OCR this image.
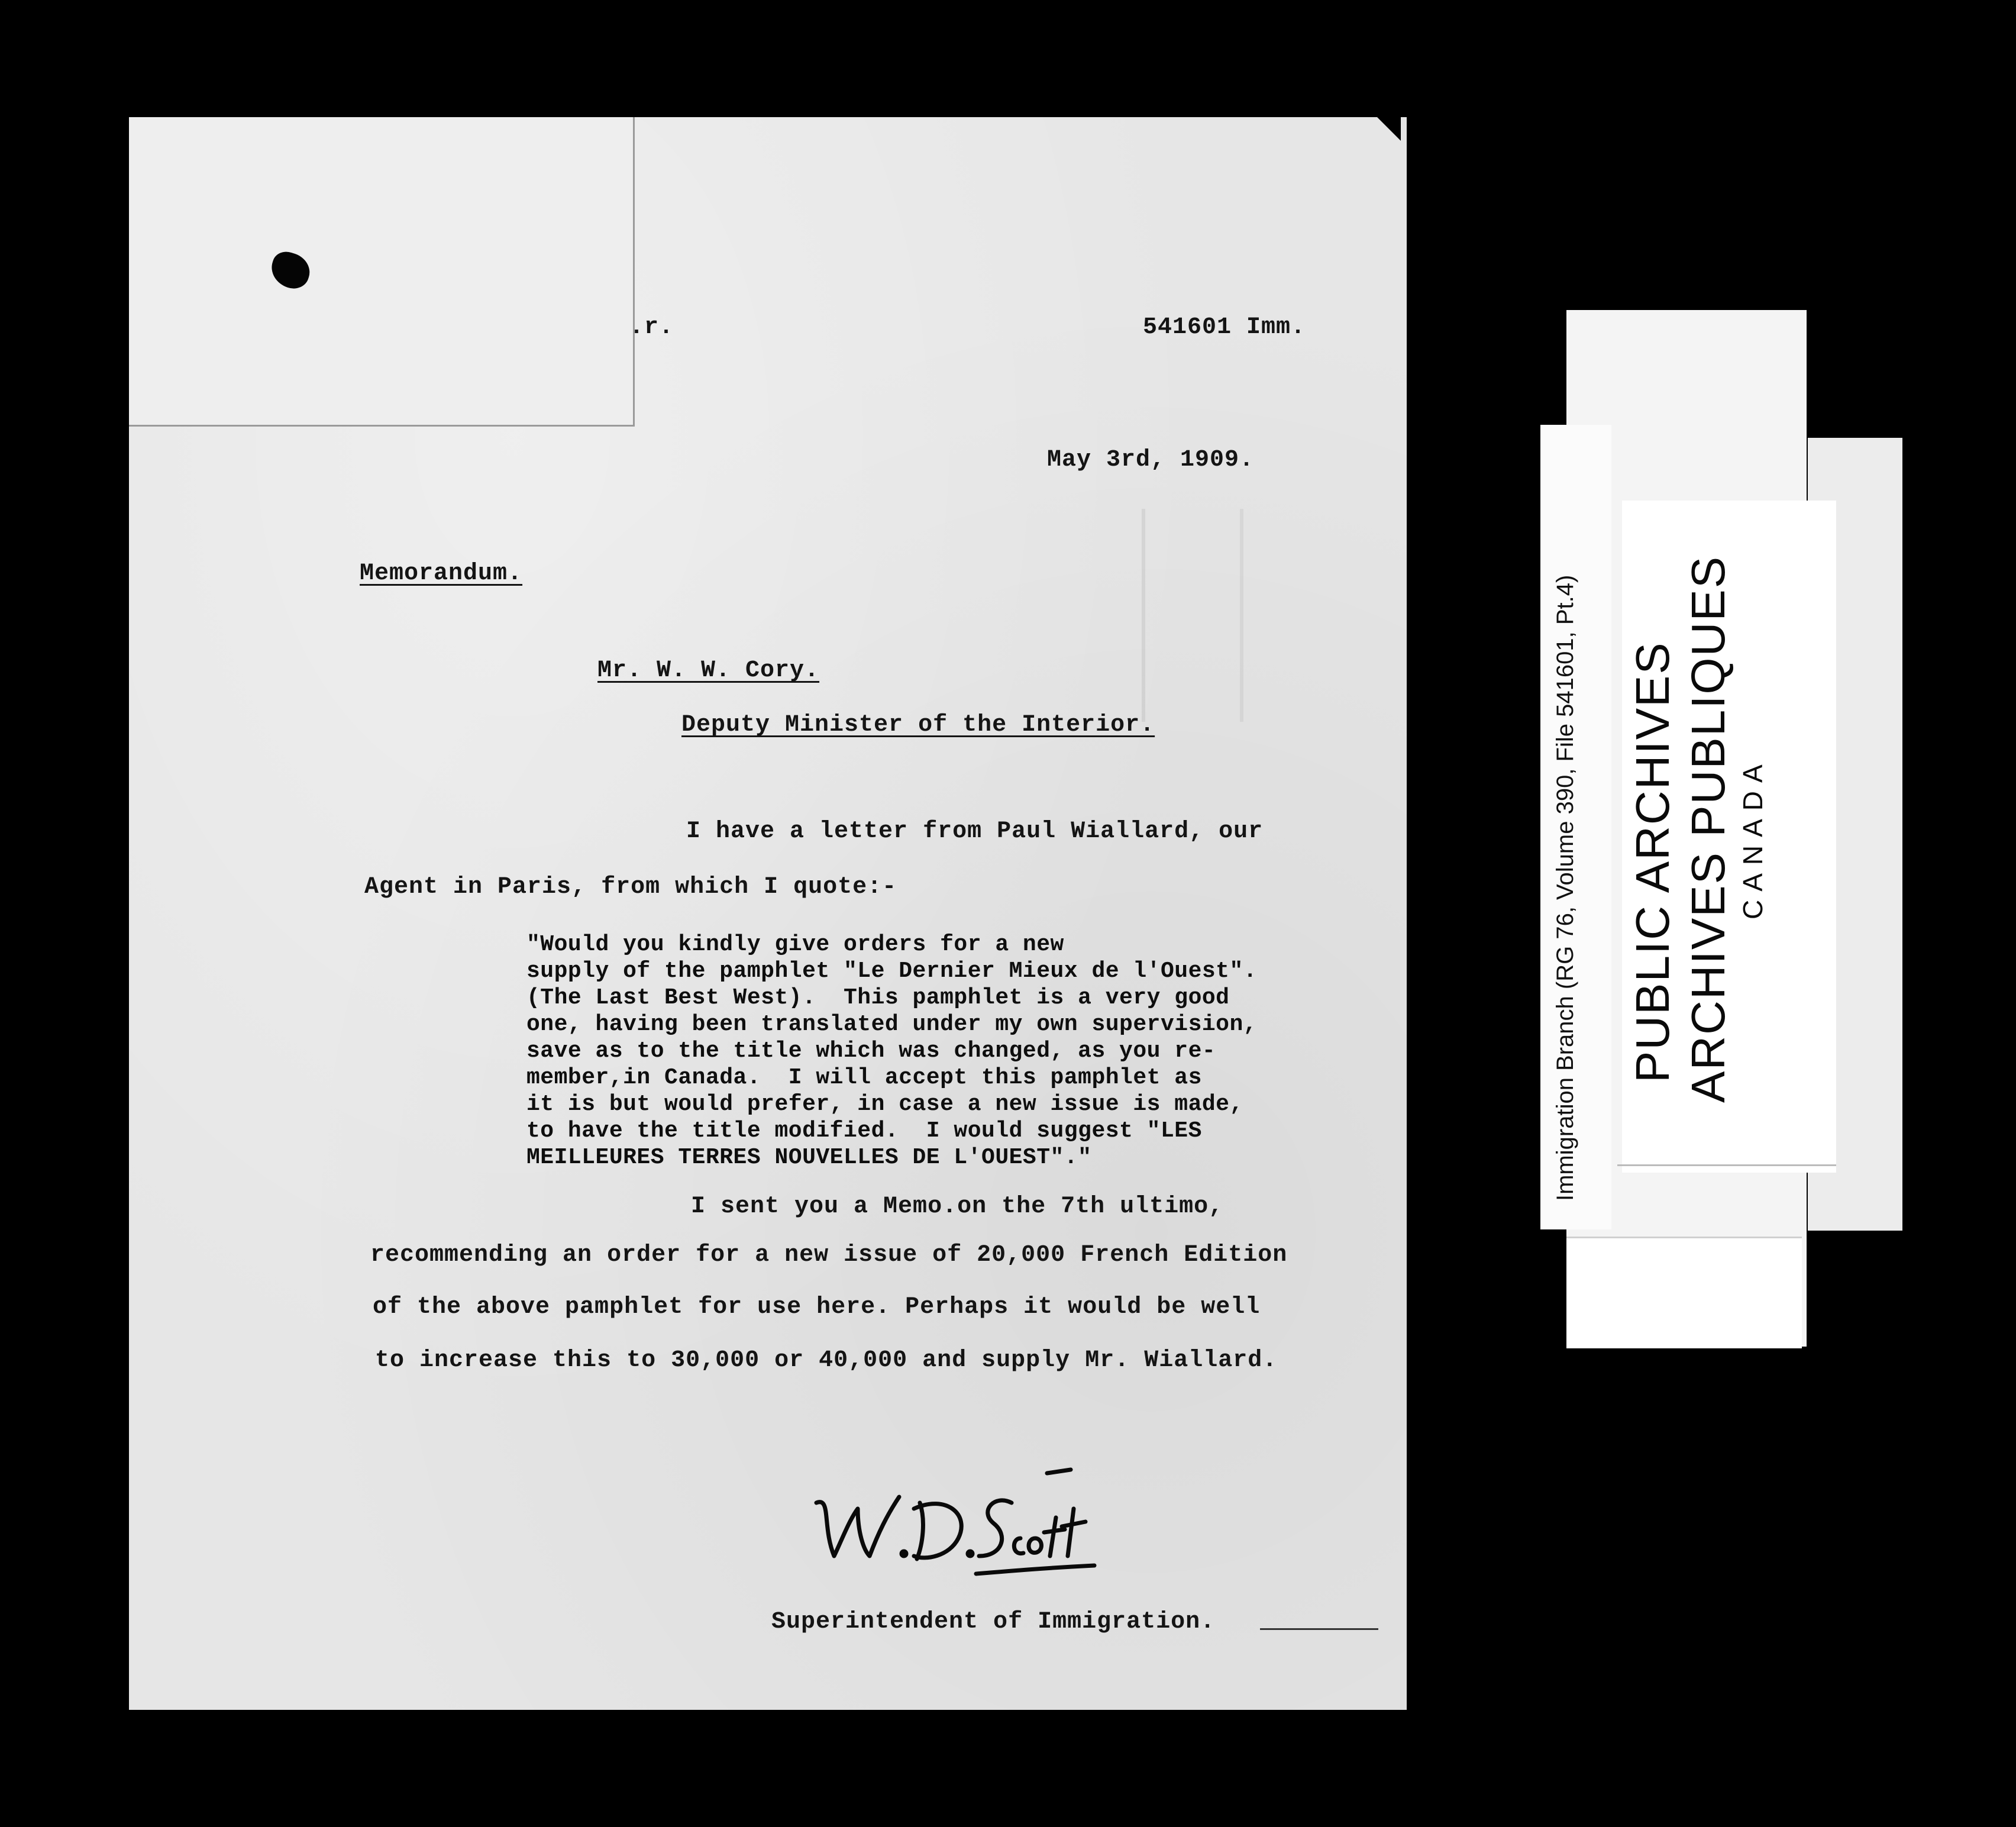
.r.	541601 Imm.
May 3rd, 1909.
Memorandum.
Mr. W. W. Cory.
Deputy Minister of the Interior.
I have a letter from Paul Wiallard, our
Agent in Paris, from which I quote:-
"Would you kindly give orders for a new
supply of the pamphlet "Le Dernier Mieux de l'Ouest".
(The Last Best West).  This pamphlet is a very good
one, having been translated under my own supervision,
save as to the title which was changed, as you re-
member,in Canada.  I will accept this pamphlet as
it is but would prefer, in case a new issue is made,
to have the title modified.  I would suggest "LES
MEILLEURES TERRES NOUVELLES DE L'OUEST"."
I sent you a Memo.on the 7th ultimo,
recommending an order for a new issue of 20,000 French Edition
of the above pamphlet for use here. Perhaps it would be well
to increase this to 30,000 or 40,000 and supply Mr. Wiallard.
Superintendent of Immigration.
Immigration Branch (RG 76, Volume 390, File 541601, Pt.4) PUBLIC ARCHIVES ARCHIVES PUBLIQUES CANADA
